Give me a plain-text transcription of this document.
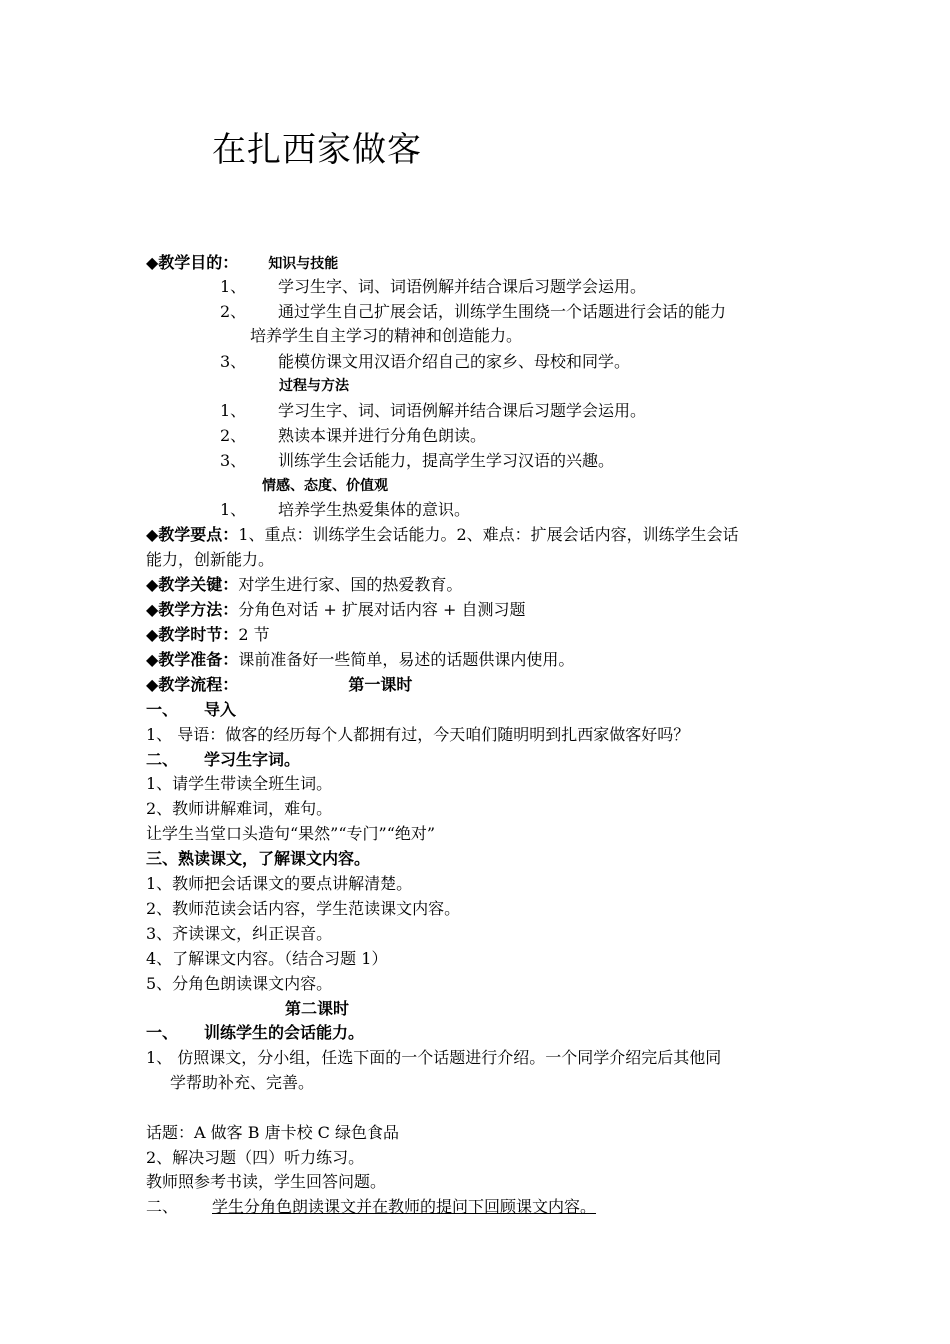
在扎西家做客
◆教学目的： 知识与技能
1、 学习生字、词、词语例解并结合课后习题学会运用。
2、 通过学生自己扩展会话，训练学生围绕一个话题进行会话的能力
培养学生自主学习的精神和创造能力。
3、 能模仿课文用汉语介绍自己的家乡、母校和同学。
过程与方法
1、 学习生字、词、词语例解并结合课后习题学会运用。
2、 熟读本课并进行分角色朗读。
3、 训练学生会话能力，提高学生学习汉语的兴趣。
情感、态度、价值观
1、 培养学生热爱集体的意识。
◆教学要点：1、重点：训练学生会话能力。2、难点：扩展会话内容，训练学生会话
能力，创新能力。
◆教学关键：对学生进行家、国的热爱教育。
◆教学方法：分角色对话 + 扩展对话内容 + 自测习题
◆教学时节：2 节
◆教学准备：课前准备好一些简单，易述的话题供课内使用。
◆教学流程：	第一课时
一、 导入
1、 导语：做客的经历每个人都拥有过，今天咱们随明明到扎西家做客好吗？
二、 学习生字词。
1、请学生带读全班生词。
2、教师讲解难词，难句。
让学生当堂口头造句“果然”“专门”“绝对”
三、熟读课文，了解课文内容。
1、教师把会话课文的要点讲解清楚。
2、教师范读会话内容，学生范读课文内容。
3、齐读课文，纠正误音。
4、了解课文内容。（结合习题 1）
5、分角色朗读课文内容。
第二课时
一、 训练学生的会话能力。
1、 仿照课文，分小组，任选下面的一个话题进行介绍。一个同学介绍完后其他同
学帮助补充、完善。
话题：A 做客 B 唐卡校 C 绿色食品
2、解决习题（四）听力练习。
教师照参考书读，学生回答问题。
二、 学生分角色朗读课文并在教师的提问下回顾课文内容。
